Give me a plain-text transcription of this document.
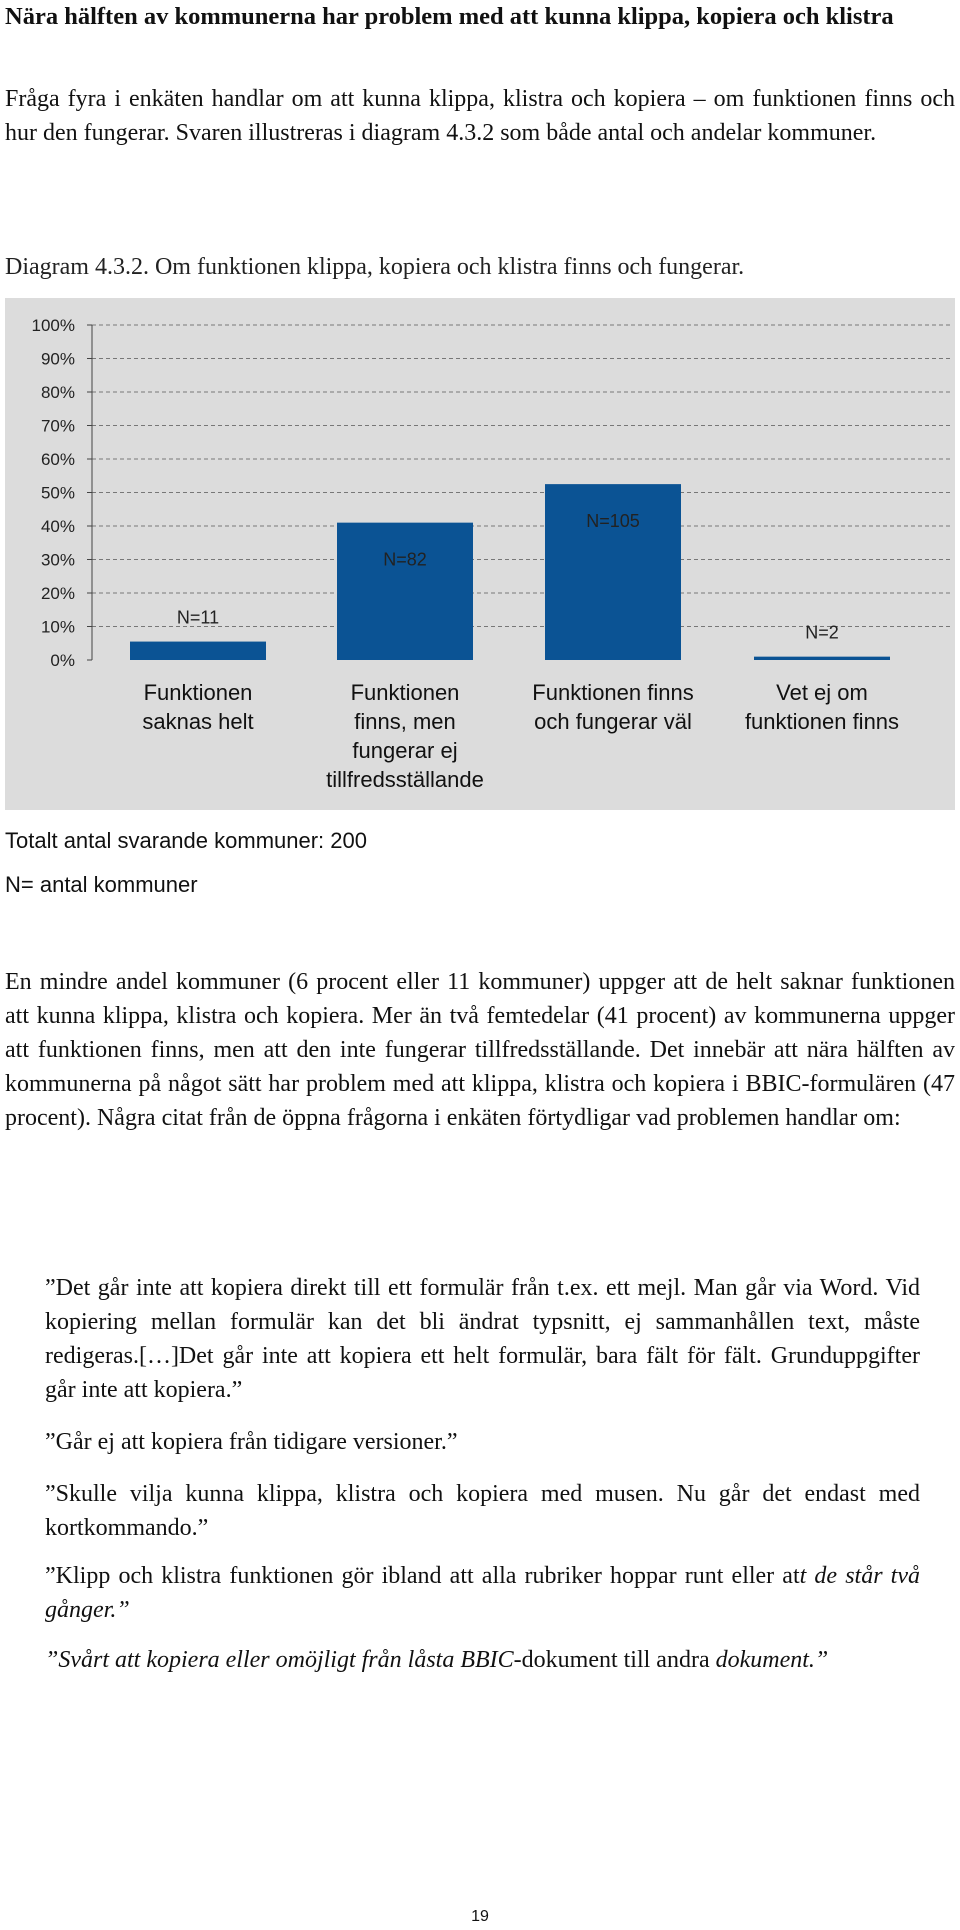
Nära hälften av kommunerna har problem med att kunna klippa, kopiera och klistra

Fråga fyra i enkäten handlar om att kunna klippa, klistra och kopiera – om funktionen finns och hur den fungerar. Svaren illustreras i diagram 4.3.2 som både antal och andelar kommuner.

Diagram 4.3.2. Om funktionen klippa, kopiera och klistra finns och fungerar.

0%
10%
20%
30%
40%
50%
60%
70%
80%
90%
100%
N=11
Funktionen saknas helt
N=82
Funktionen finns, men fungerar ej tillfredsställande
N=105
Funktionen finns och fungerar väl
N=2
Vet ej om funktionen finns
Totalt antal svarande kommuner: 200
N= antal kommuner

En mindre andel kommuner (6 procent eller 11 kommuner) uppger att de helt saknar funktionen att kunna klippa, klistra och kopiera. Mer än två femtedelar (41 procent) av kommunerna uppger att funktionen finns, men att den inte fungerar tillfredsställande. Det innebär att nära hälften av kommunerna på något sätt har problem med att klippa, klistra och kopiera i BBIC-formulären (47 procent). Några citat från de öppna frågorna i enkäten förtydligar vad problemen handlar om:

”Det går inte att kopiera direkt till ett formulär från t.ex. ett mejl. Man går via Word. Vid kopiering mellan formulär kan det bli ändrat typsnitt, ej sammanhållen text, måste redigeras.[…]Det går inte att kopiera ett helt formulär, bara fält för fält. Grunduppgifter går inte att kopiera.”

”Går ej att kopiera från tidigare versioner.”

”Skulle vilja kunna klippa, klistra och kopiera med musen. Nu går det endast med kortkommando.”

”Klipp och klistra funktionen gör ibland att alla rubriker hoppar runt eller att de står två gånger.”

”Svårt att kopiera eller omöjligt från låsta BBIC-dokument till andra dokument.”

19
